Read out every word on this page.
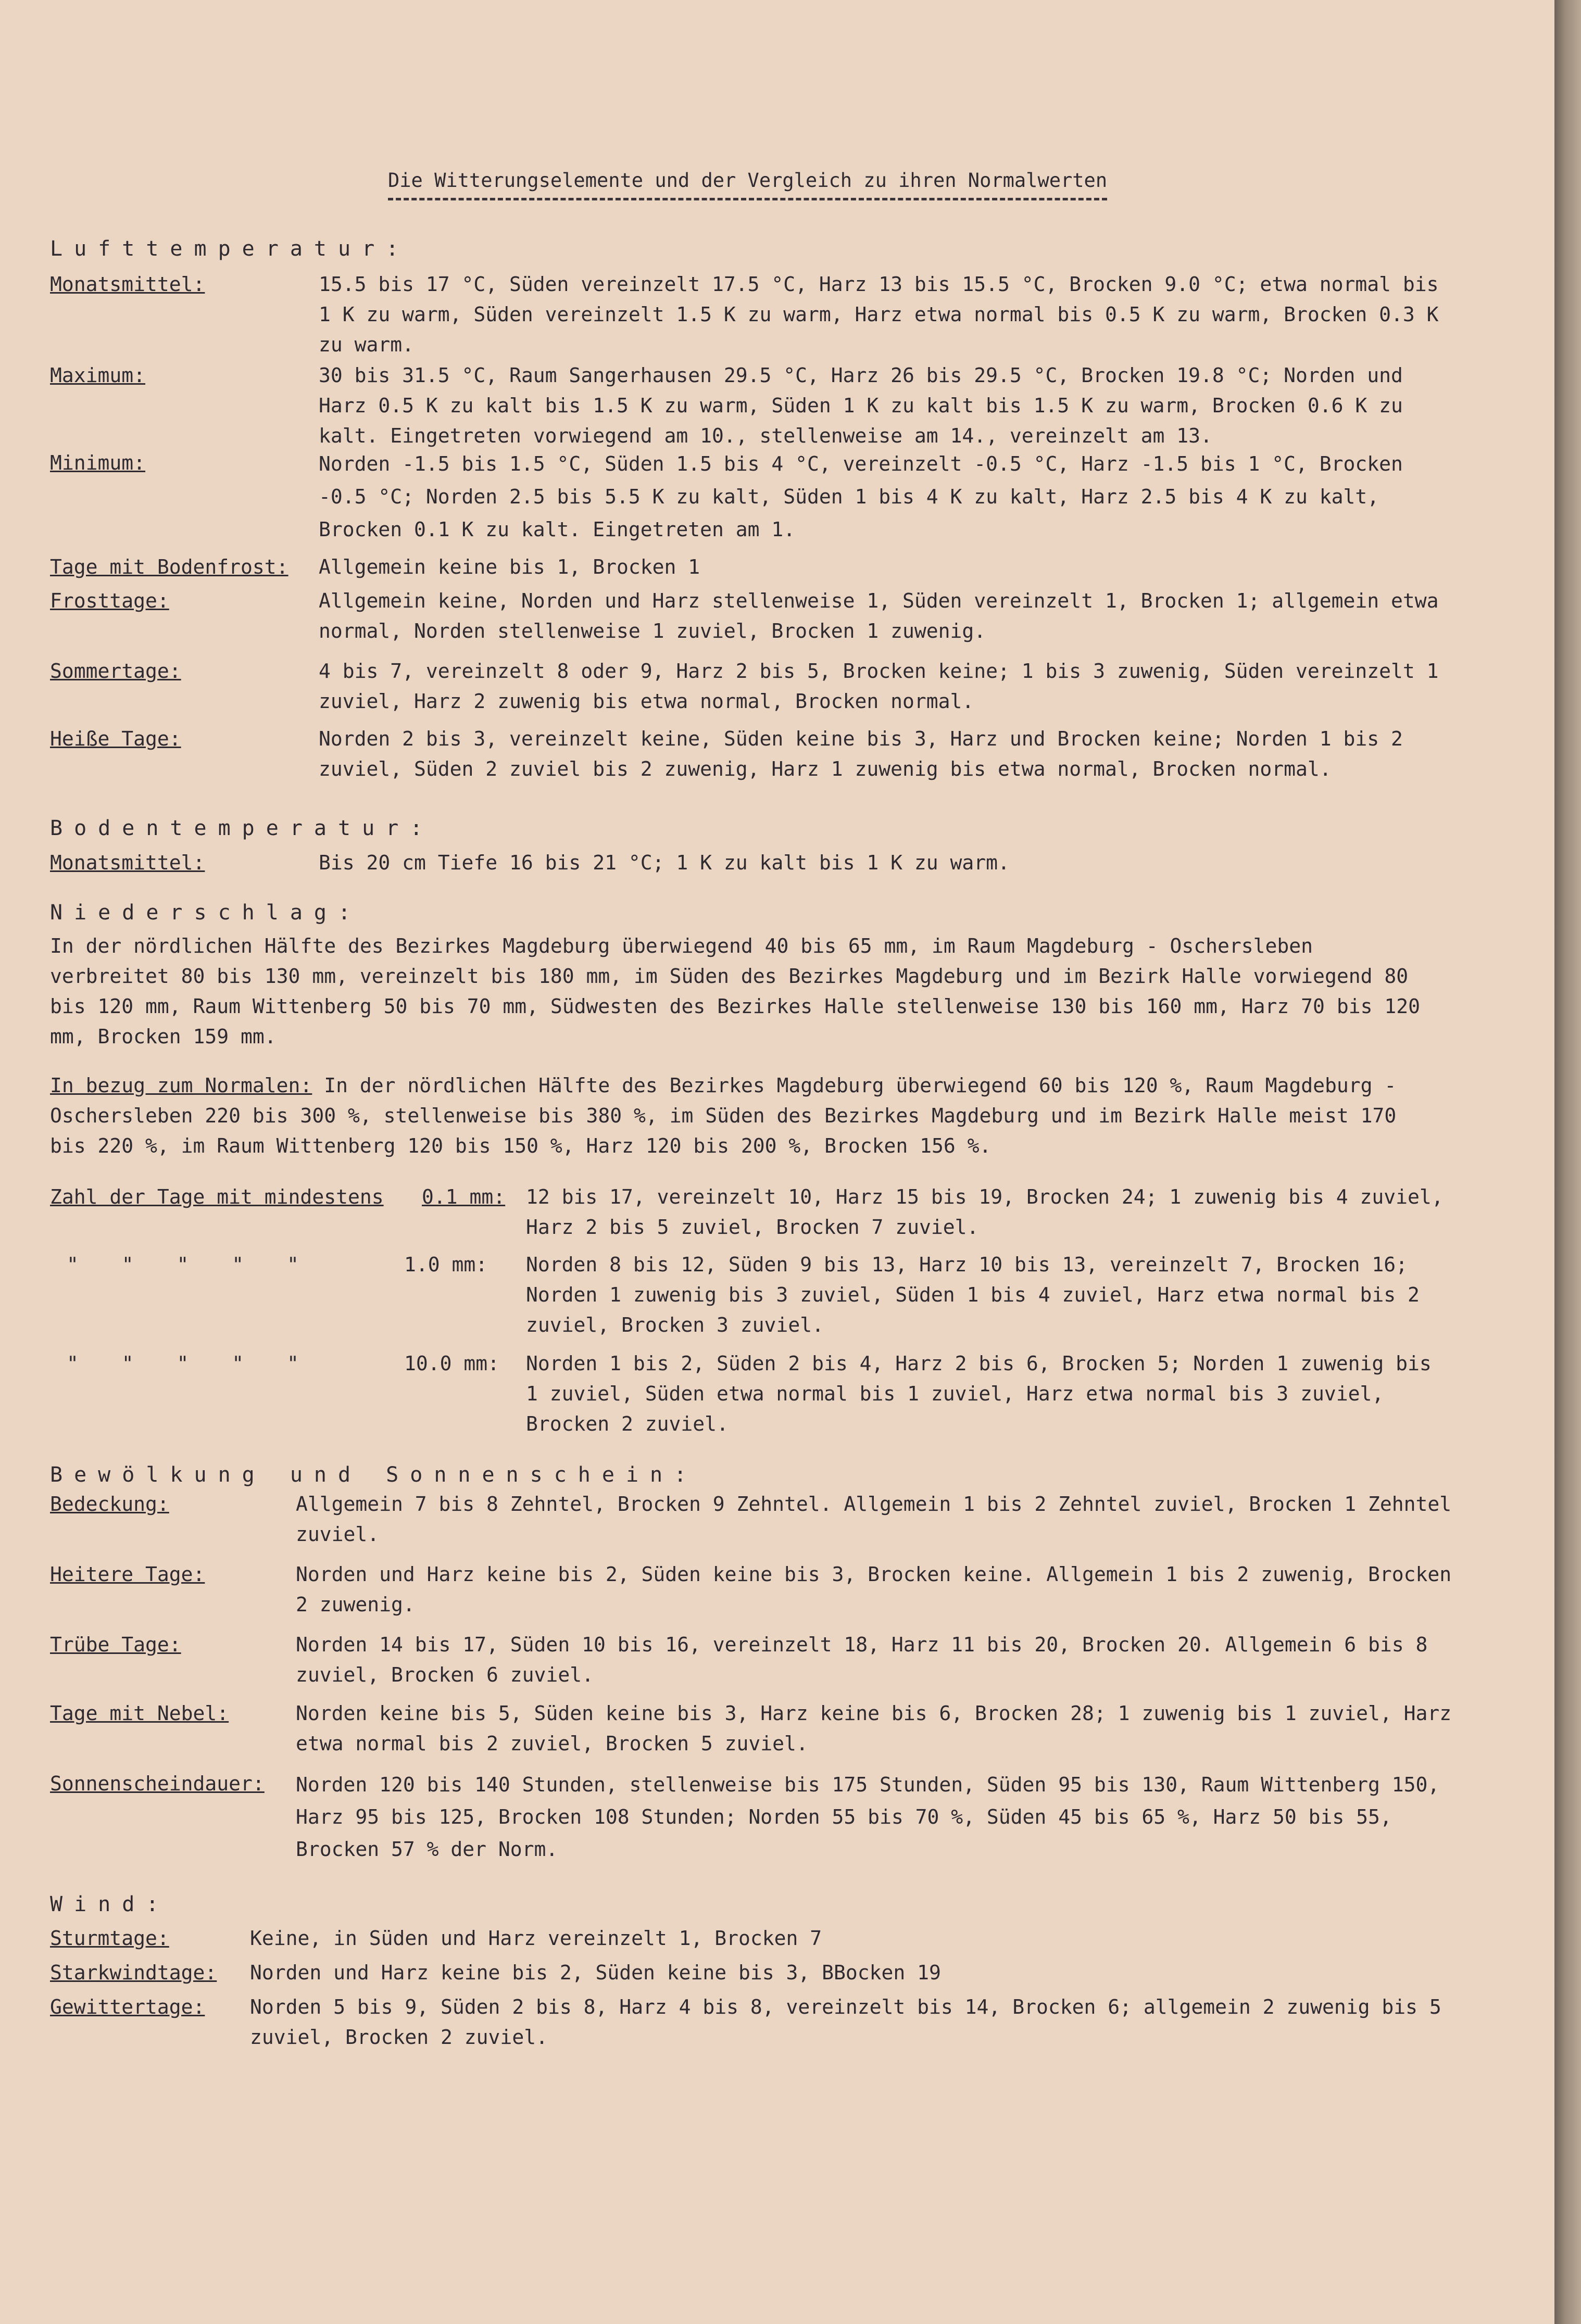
Die Witterungselemente und der Vergleich zu ihren Normalwerten
Lufttemperatur:
Monatsmittel:	15.5 bis 17 °C, Süden vereinzelt 17.5 °C, Harz 13 bis 15.5 °C, Brocken 9.0 °C; etwa normal bis 1 K zu warm, Süden vereinzelt 1.5 K zu warm, Harz etwa normal bis 0.5 K zu warm, Brocken 0.3 K zu warm.
Maximum:	30 bis 31.5 °C, Raum Sangerhausen 29.5 °C, Harz 26 bis 29.5 °C, Brocken 19.8 °C; Norden und Harz 0.5 K zu kalt bis 1.5 K zu warm, Süden 1 K zu kalt bis 1.5 K zu warm, Brocken 0.6 K zu kalt. Eingetreten vorwiegend am 10., stellenweise am 14., vereinzelt am 13.
Minimum:	Norden -1.5 bis 1.5 °C, Süden 1.5 bis 4 °C, vereinzelt -0.5 °C, Harz -1.5 bis 1 °C, Brocken -0.5 °C; Norden 2.5 bis 5.5 K zu kalt, Süden 1 bis 4 K zu kalt, Harz 2.5 bis 4 K zu kalt, Brocken 0.1 K zu kalt. Eingetreten am 1.
Tage mit Bodenfrost: Allgemein keine bis 1, Brocken 1
Frosttage:	Allgemein keine, Norden und Harz stellenweise 1, Süden vereinzelt 1, Brocken 1; allgemein etwa normal, Norden stellenweise 1 zuviel, Brocken 1 zuwenig.
Sommertage:	4 bis 7, vereinzelt 8 oder 9, Harz 2 bis 5, Brocken keine; 1 bis 3 zuwenig, Süden vereinzelt 1 zuviel, Harz 2 zuwenig bis etwa normal, Brocken normal.
Heiße Tage:	Norden 2 bis 3, vereinzelt keine, Süden keine bis 3, Harz und Brocken keine; Norden 1 bis 2 zuviel, Süden 2 zuviel bis 2 zuwenig, Harz 1 zuwenig bis etwa normal, Brocken normal.
Bodentemperatur:
Monatsmittel:	Bis 20 cm Tiefe 16 bis 21 °C; 1 K zu kalt bis 1 K zu warm.
Niederschlag:
In der nördlichen Hälfte des Bezirkes Magdeburg überwiegend 40 bis 65 mm, im Raum Magdeburg - Oschersleben verbreitet 80 bis 130 mm, vereinzelt bis 180 mm, im Süden des Bezirkes Magdeburg und im Bezirk Halle vorwiegend 80 bis 120 mm, Raum Wittenberg 50 bis 70 mm, Südwesten des Bezirkes Halle stellenweise 130 bis 160 mm, Harz 70 bis 120 mm, Brocken 159 mm.
In bezug zum Normalen: In der nördlichen Hälfte des Bezirkes Magdeburg überwiegend 60 bis 120 %, Raum Magdeburg - Oschersleben 220 bis 300 %, stellenweise bis 380 %, im Süden des Bezirkes Magdeburg und im Bezirk Halle meist 170 bis 220 %, im Raum Wittenberg 120 bis 150 %, Harz 120 bis 200 %, Brocken 156 %.
Zahl der Tage mit mindestens	0.1 mm: 12 bis 17, vereinzelt 10, Harz 15 bis 19, Brocken 24; 1 zuwenig bis 4 zuviel, Harz 2 bis 5 zuviel, Brocken 7 zuviel.
" " " " "	1.0 mm:	Norden 8 bis 12, Süden 9 bis 13, Harz 10 bis 13, vereinzelt 7, Brocken 16; Norden 1 zuwenig bis 3 zuviel, Süden 1 bis 4 zuviel, Harz etwa normal bis 2 zuviel, Brocken 3 zuviel.
" " " " "	10.0 mm:	Norden 1 bis 2, Süden 2 bis 4, Harz 2 bis 6, Brocken 5; Norden 1 zuwenig bis 1 zuviel, Süden etwa normal bis 1 zuviel, Harz etwa normal bis 3 zuviel, Brocken 2 zuviel.
Bewölkung und Sonnenschein:
Bedeckung:	Allgemein 7 bis 8 Zehntel, Brocken 9 Zehntel. Allgemein 1 bis 2 Zehntel zuviel, Brocken 1 Zehntel zuviel.
Heitere Tage:	Norden und Harz keine bis 2, Süden keine bis 3, Brocken keine. Allgemein 1 bis 2 zuwenig, Brocken 2 zuwenig.
Trübe Tage:	Norden 14 bis 17, Süden 10 bis 16, vereinzelt 18, Harz 11 bis 20, Brocken 20. Allgemein 6 bis 8 zuviel, Brocken 6 zuviel.
Tage mit Nebel:	Norden keine bis 5, Süden keine bis 3, Harz keine bis 6, Brocken 28; 1 zuwenig bis 1 zuviel, Harz etwa normal bis 2 zuviel, Brocken 5 zuviel.
Sonnenscheindauer: Norden 120 bis 140 Stunden, stellenweise bis 175 Stunden, Süden 95 bis 130, Raum Wittenberg 150, Harz 95 bis 125, Brocken 108 Stunden; Norden 55 bis 70 %, Süden 45 bis 65 %, Harz 50 bis 55, Brocken 57 % der Norm.
Wind:
Sturmtage:	Keine, in Süden und Harz vereinzelt 1, Brocken 7
Starkwindtage: Norden und Harz keine bis 2, Süden keine bis 3, BBocken 19
Gewittertage: Norden 5 bis 9, Süden 2 bis 8, Harz 4 bis 8, vereinzelt bis 14, Brocken 6; allgemein 2 zuwenig bis 5 zuviel, Brocken 2 zuviel.
